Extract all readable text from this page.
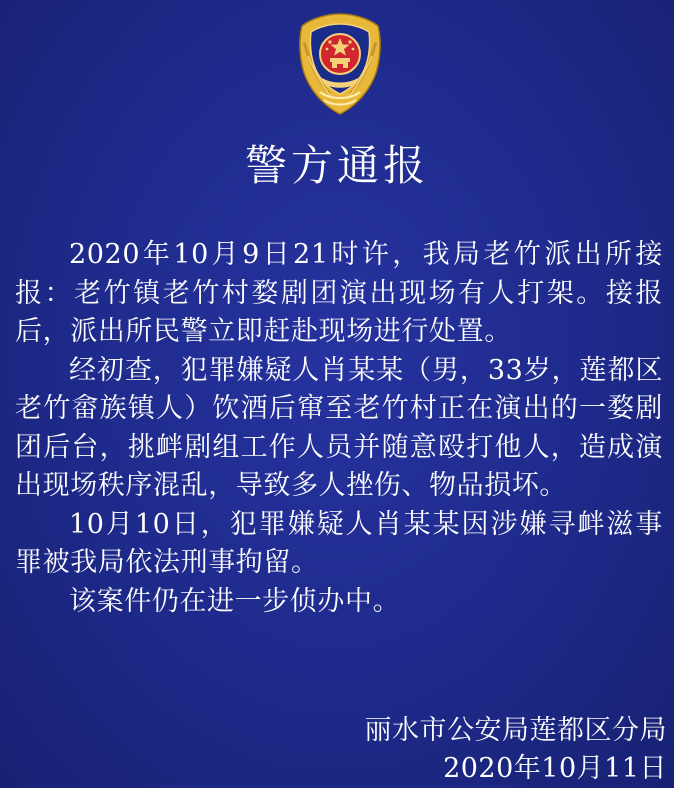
警方通报

2020年10月9日21时许，我局老竹派出所接报：老竹镇老竹村婺剧团演出现场有人打架。接报后，派出所民警立即赶赴现场进行处置。

经初查，犯罪嫌疑人肖某某（男，33岁，莲都区老竹畲族镇人）饮酒后窜至老竹村正在演出的一婺剧团后台，挑衅剧组工作人员并随意殴打他人，造成演出现场秩序混乱，导致多人挫伤、物品损坏。

10月10日，犯罪嫌疑人肖某某因涉嫌寻衅滋事罪被我局依法刑事拘留。

该案件仍在进一步侦办中。

丽水市公安局莲都区分局
2020年10月11日
